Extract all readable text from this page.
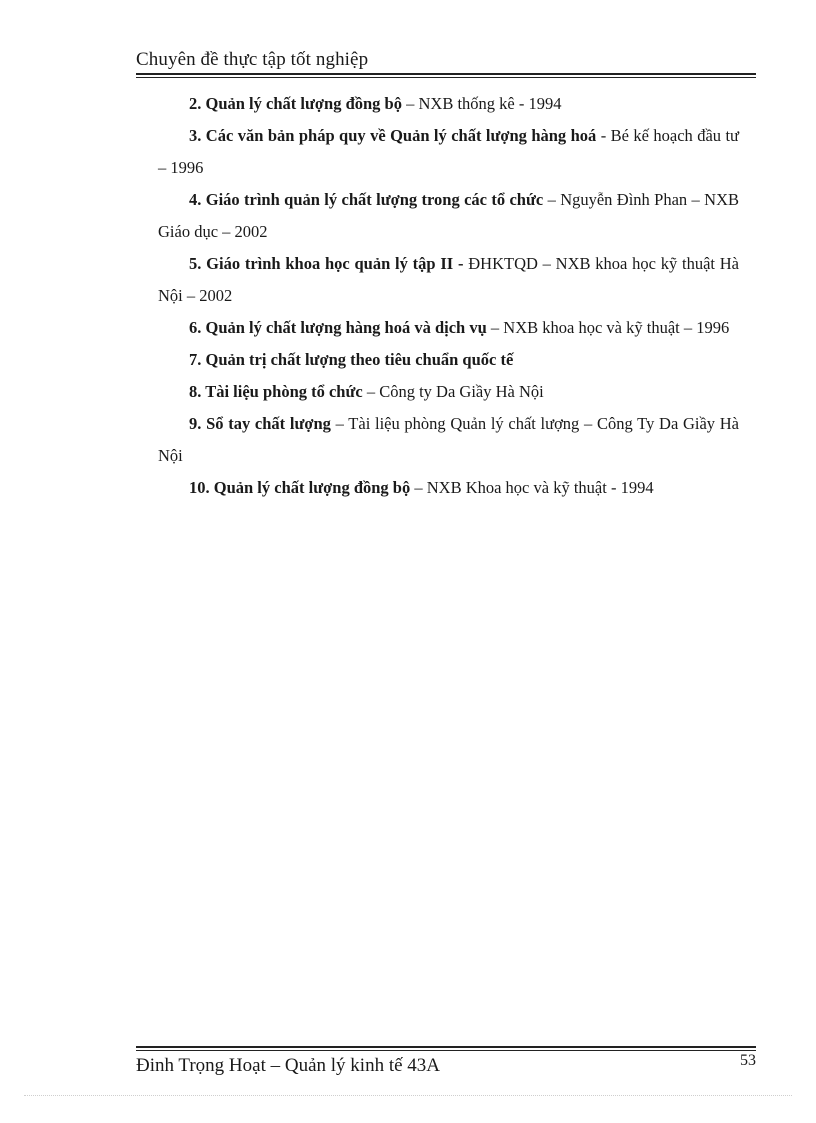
Chuyên đề thực tập tốt nghiệp

2. Quản lý chất lượng đồng bộ – NXB thống kê - 1994

3. Các văn bản pháp quy về Quản lý chất lượng hàng hoá - Bé kế hoạch đầu tư – 1996

4. Giáo trình quản lý chất lượng trong các tổ chức – Nguyễn Đình Phan – NXB Giáo dục – 2002

5. Giáo trình khoa học quản lý tập II - ĐHKTQD – NXB khoa học kỹ thuật Hà Nội – 2002

6. Quản lý chất lượng hàng hoá và dịch vụ – NXB khoa học và kỹ thuật – 1996

7. Quản trị chất lượng theo tiêu chuẩn quốc tế

8. Tài liệu phòng tổ chức – Công ty Da Giầy Hà Nội

9. Sổ tay chất lượng – Tài liệu phòng Quản lý chất lượng – Công Ty Da Giầy Hà Nội

10. Quản lý chất lượng đồng bộ – NXB Khoa học và kỹ thuật - 1994

Đinh Trọng Hoạt – Quản lý kinh tế 43A	53
